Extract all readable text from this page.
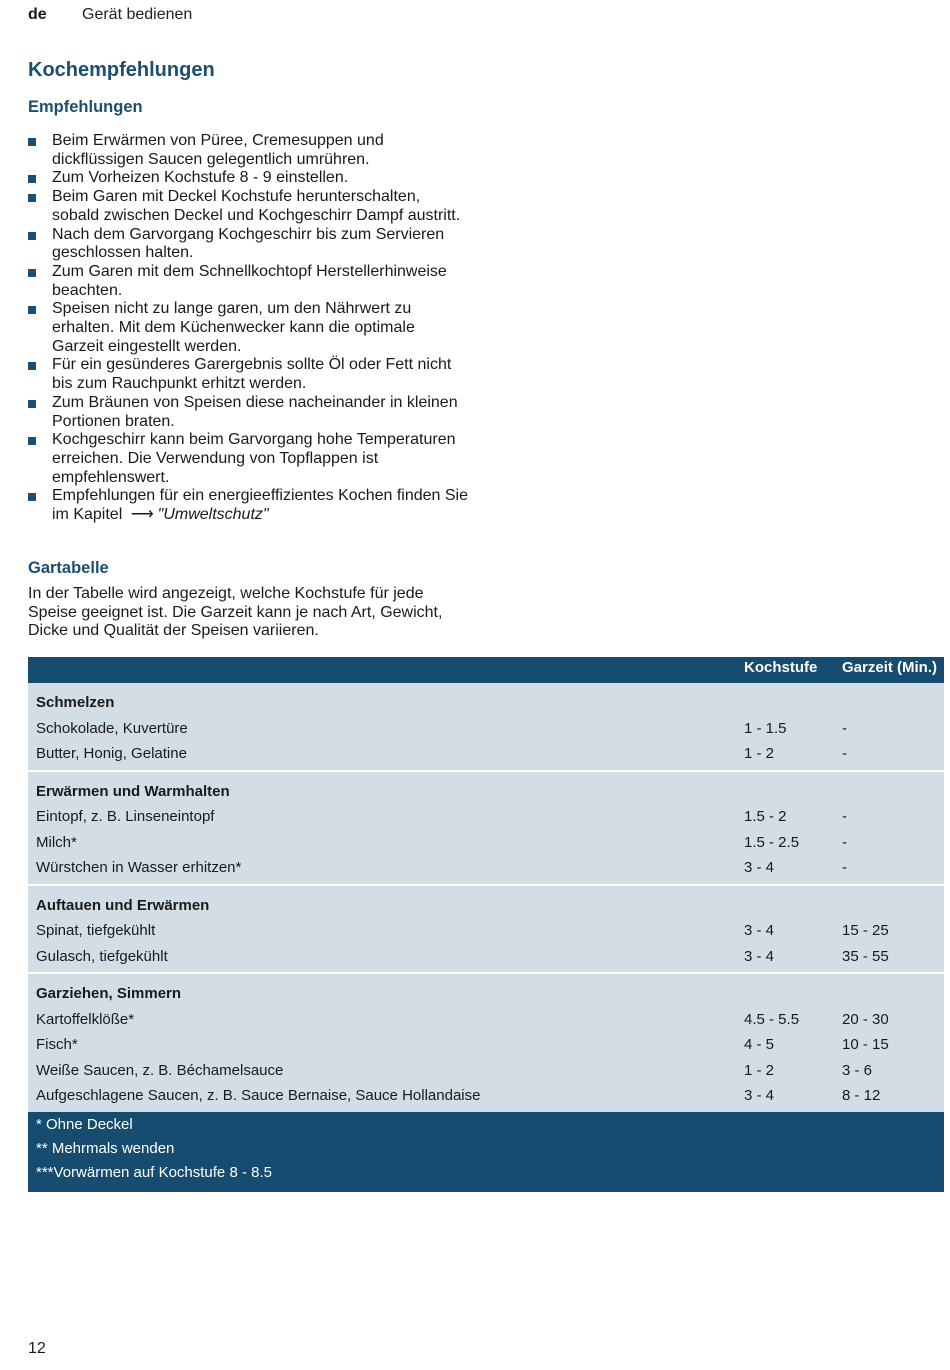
de	Gerät bedienen
Kochempfehlungen
Empfehlungen
Beim Erwärmen von Püree, Cremesuppen und dickflüssigen Saucen gelegentlich umrühren.
Zum Vorheizen Kochstufe 8 - 9 einstellen.
Beim Garen mit Deckel Kochstufe herunterschalten, sobald zwischen Deckel und Kochgeschirr Dampf austritt.
Nach dem Garvorgang Kochgeschirr bis zum Servieren geschlossen halten.
Zum Garen mit dem Schnellkochtopf Herstellerhinweise beachten.
Speisen nicht zu lange garen, um den Nährwert zu erhalten. Mit dem Küchenwecker kann die optimale Garzeit eingestellt werden.
Für ein gesünderes Garergebnis sollte Öl oder Fett nicht bis zum Rauchpunkt erhitzt werden.
Zum Bräunen von Speisen diese nacheinander in kleinen Portionen braten.
Kochgeschirr kann beim Garvorgang hohe Temperaturen erreichen. Die Verwendung von Topflappen ist empfehlenswert.
Empfehlungen für ein energieeffizientes Kochen finden Sie im Kapitel ⟶ "Umweltschutz"
Gartabelle
In der Tabelle wird angezeigt, welche Kochstufe für jede Speise geeignet ist. Die Garzeit kann je nach Art, Gewicht, Dicke und Qualität der Speisen variieren.
Kochstufe Garzeit (Min.)
Schmelzen
Schokolade, Kuvertüre	1 - 1.5	-
Butter, Honig, Gelatine	1 - 2	-
Erwärmen und Warmhalten
Eintopf, z. B. Linseneintopf	1.5 - 2	-
Milch*	1.5 - 2.5	-
Würstchen in Wasser erhitzen*	3 - 4	-
Auftauen und Erwärmen
Spinat, tiefgekühlt	3 - 4	15 - 25
Gulasch, tiefgekühlt	3 - 4	35 - 55
Garziehen, Simmern
Kartoffelklöße*	4.5 - 5.5	20 - 30
Fisch*	4 - 5	10 - 15
Weiße Saucen, z. B. Béchamelsauce	1 - 2	3 - 6
Aufgeschlagene Saucen, z. B. Sauce Bernaise, Sauce Hollandaise	3 - 4	8 - 12
* Ohne Deckel
** Mehrmals wenden
***Vorwärmen auf Kochstufe 8 - 8.5
12
